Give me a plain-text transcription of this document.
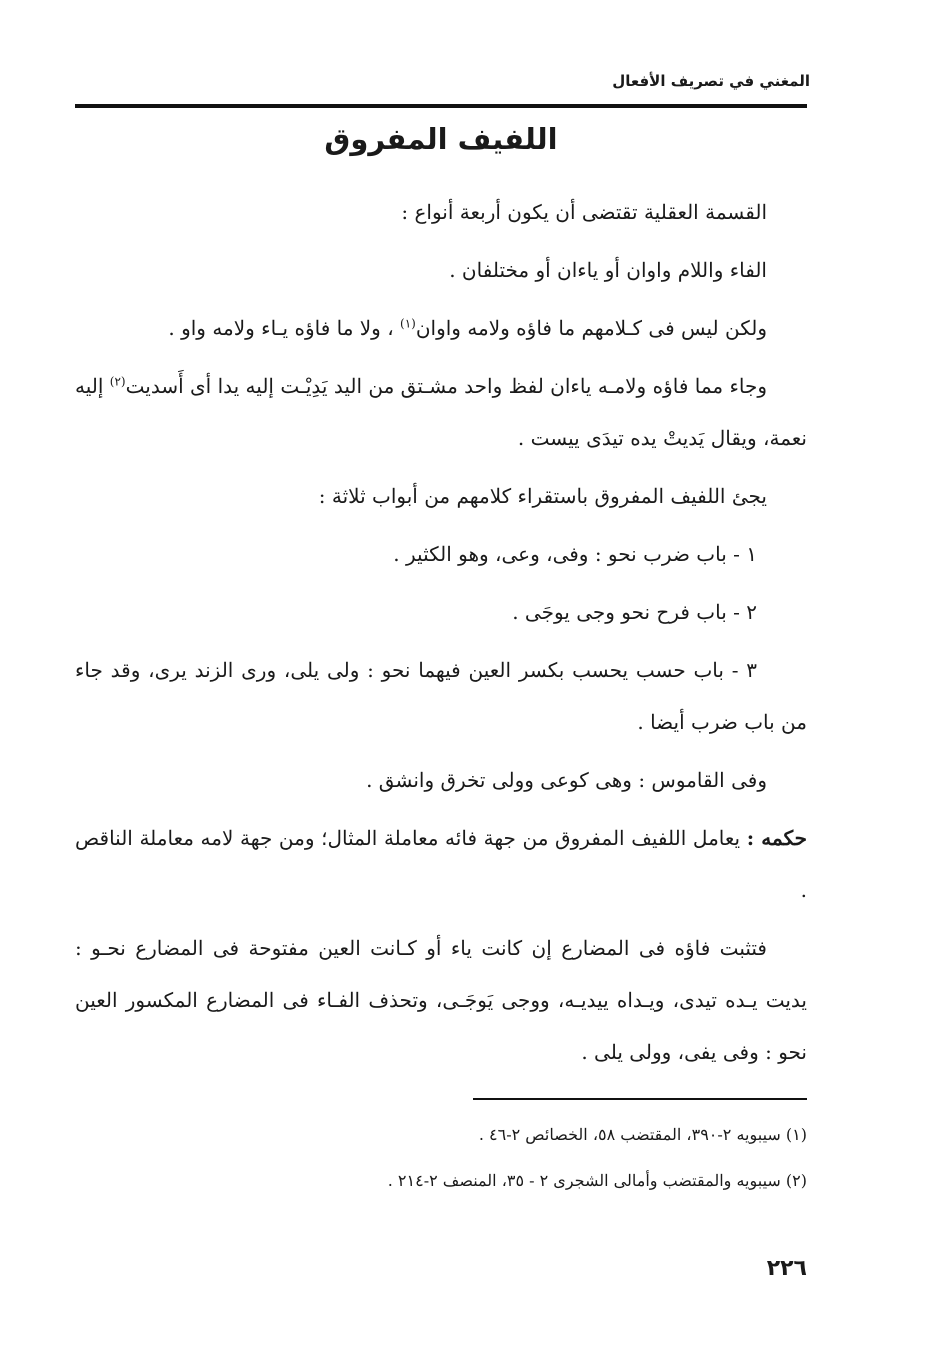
المغني في تصريف الأفعال
اللفيف المفروق

القسمة العقلية تقتضى أن يكون أربعة أنواع :

الفاء واللام واوان أو ياءان أو مختلفان .

ولكن ليس فى كـلامهم ما فاؤه ولامه واوان$^{(١)}$ ، ولا ما فاؤه يـاء ولامه واو .

وجاء مما فاؤه ولامـه ياءان لفظ واحد مشـتق من اليد يَدِيْـت إليه يدا أى أَسديت$^{(٢)}$ إليه نعمة، ويقال يَديتْ يده تيدَى ييست .

يجئ اللفيف المفروق باستقراء كلامهم من أبواب ثلاثة :

١ - باب ضرب نحو : وفى، وعى، وهو الكثير .

٢ - باب فرح نحو وجى يوجَى .

٣ - باب حسب يحسب بكسر العين فيهما نحو : ولى يلى، ورى الزند يرى، وقد جاء من باب ضرب أيضا .

وفى القاموس : وهى كوعى وولى تخرق وانشق .

حكمه : يعامل اللفيف المفروق من جهة فائه معاملة المثال؛ ومن جهة لامه معاملة الناقص .

فتثبت فاؤه فى المضارع إن كانت ياء أو كـانت العين مفتوحة فى المضارع نحـو : يديت يـده تيدى، ويـداه ييديـه، ووجى يَوجَـى، وتحذف الفـاء فى المضارع المكسور العين نحو : وفى يفى، وولى يلى .

(١) سيبويه ٢-٣٩٠، المقتضب ٥٨، الخصائص ٢-٤٦ .
(٢) سيبويه والمقتضب وأمالى الشجرى ٢ - ٣٥، المنصف ٢-٢١٤ .
٢٢٦
